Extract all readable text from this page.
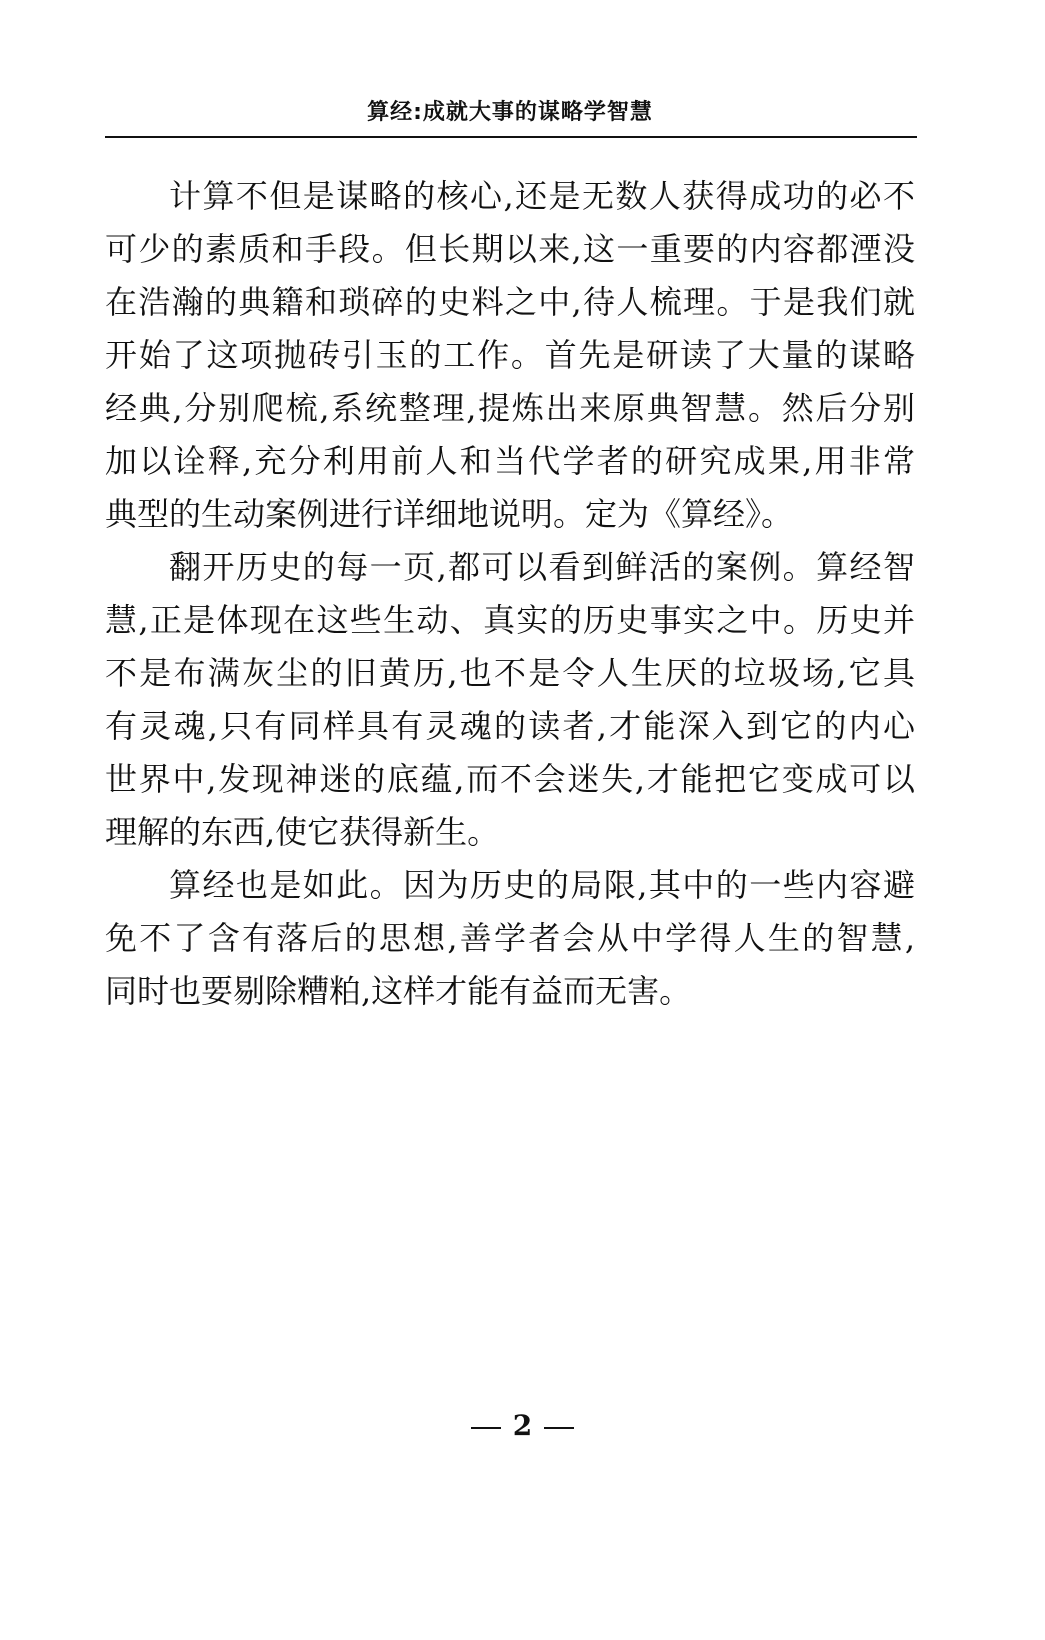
算经:成就大事的谋略学智慧
计算不但是谋略的核心,还是无数人获得成功的必不
可少的素质和手段。但长期以来,这一重要的内容都湮没
在浩瀚的典籍和琐碎的史料之中,待人梳理。于是我们就
开始了这项抛砖引玉的工作。首先是研读了大量的谋略
经典,分别爬梳,系统整理,提炼出来原典智慧。然后分别
加以诠释,充分利用前人和当代学者的研究成果,用非常
典型的生动案例进行详细地说明。定为《算经》。
翻开历史的每一页,都可以看到鲜活的案例。算经智
慧,正是体现在这些生动、真实的历史事实之中。历史并
不是布满灰尘的旧黄历,也不是令人生厌的垃圾场,它具
有灵魂,只有同样具有灵魂的读者,才能深入到它的内心
世界中,发现神迷的底蕴,而不会迷失,才能把它变成可以
理解的东西,使它获得新生。
算经也是如此。因为历史的局限,其中的一些内容避
免不了含有落后的思想,善学者会从中学得人生的智慧,
同时也要剔除糟粕,这样才能有益而无害。
2
